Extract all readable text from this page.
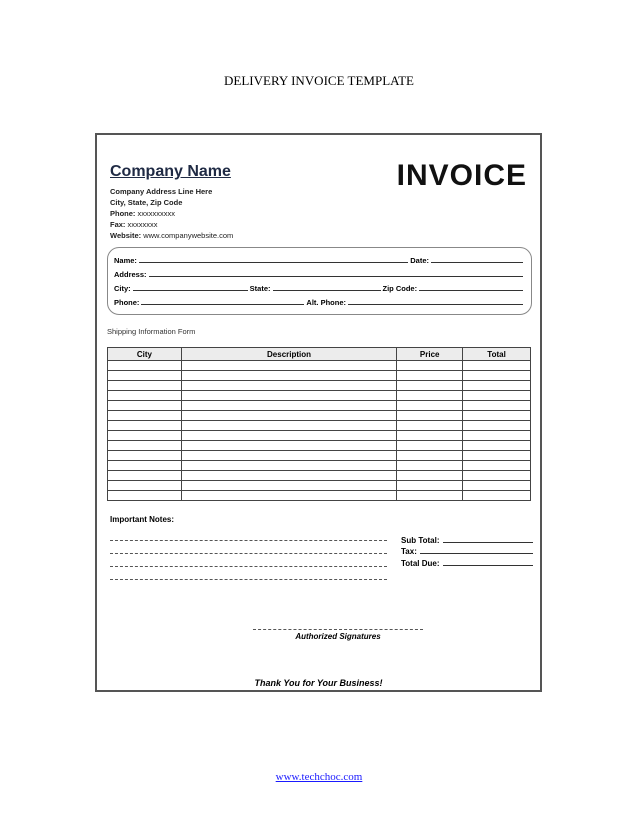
DELIVERY INVOICE TEMPLATE
Company Name	INVOICE
Company Address Line Here
City, State, Zip Code
Phone: xxxxxxxxxx
Fax: xxxxxxxx
Website: www.companywebsite.com
Name:	Date:
Address:
City:	State:	Zip Code:
Phone:	Alt. Phone:
Shipping Information Form
City	Description	Price	Total

Important Notes:
Sub Total:
Tax:
Total Due:
Authorized Signatures
Thank You for Your Business!
www.techchoc.com
